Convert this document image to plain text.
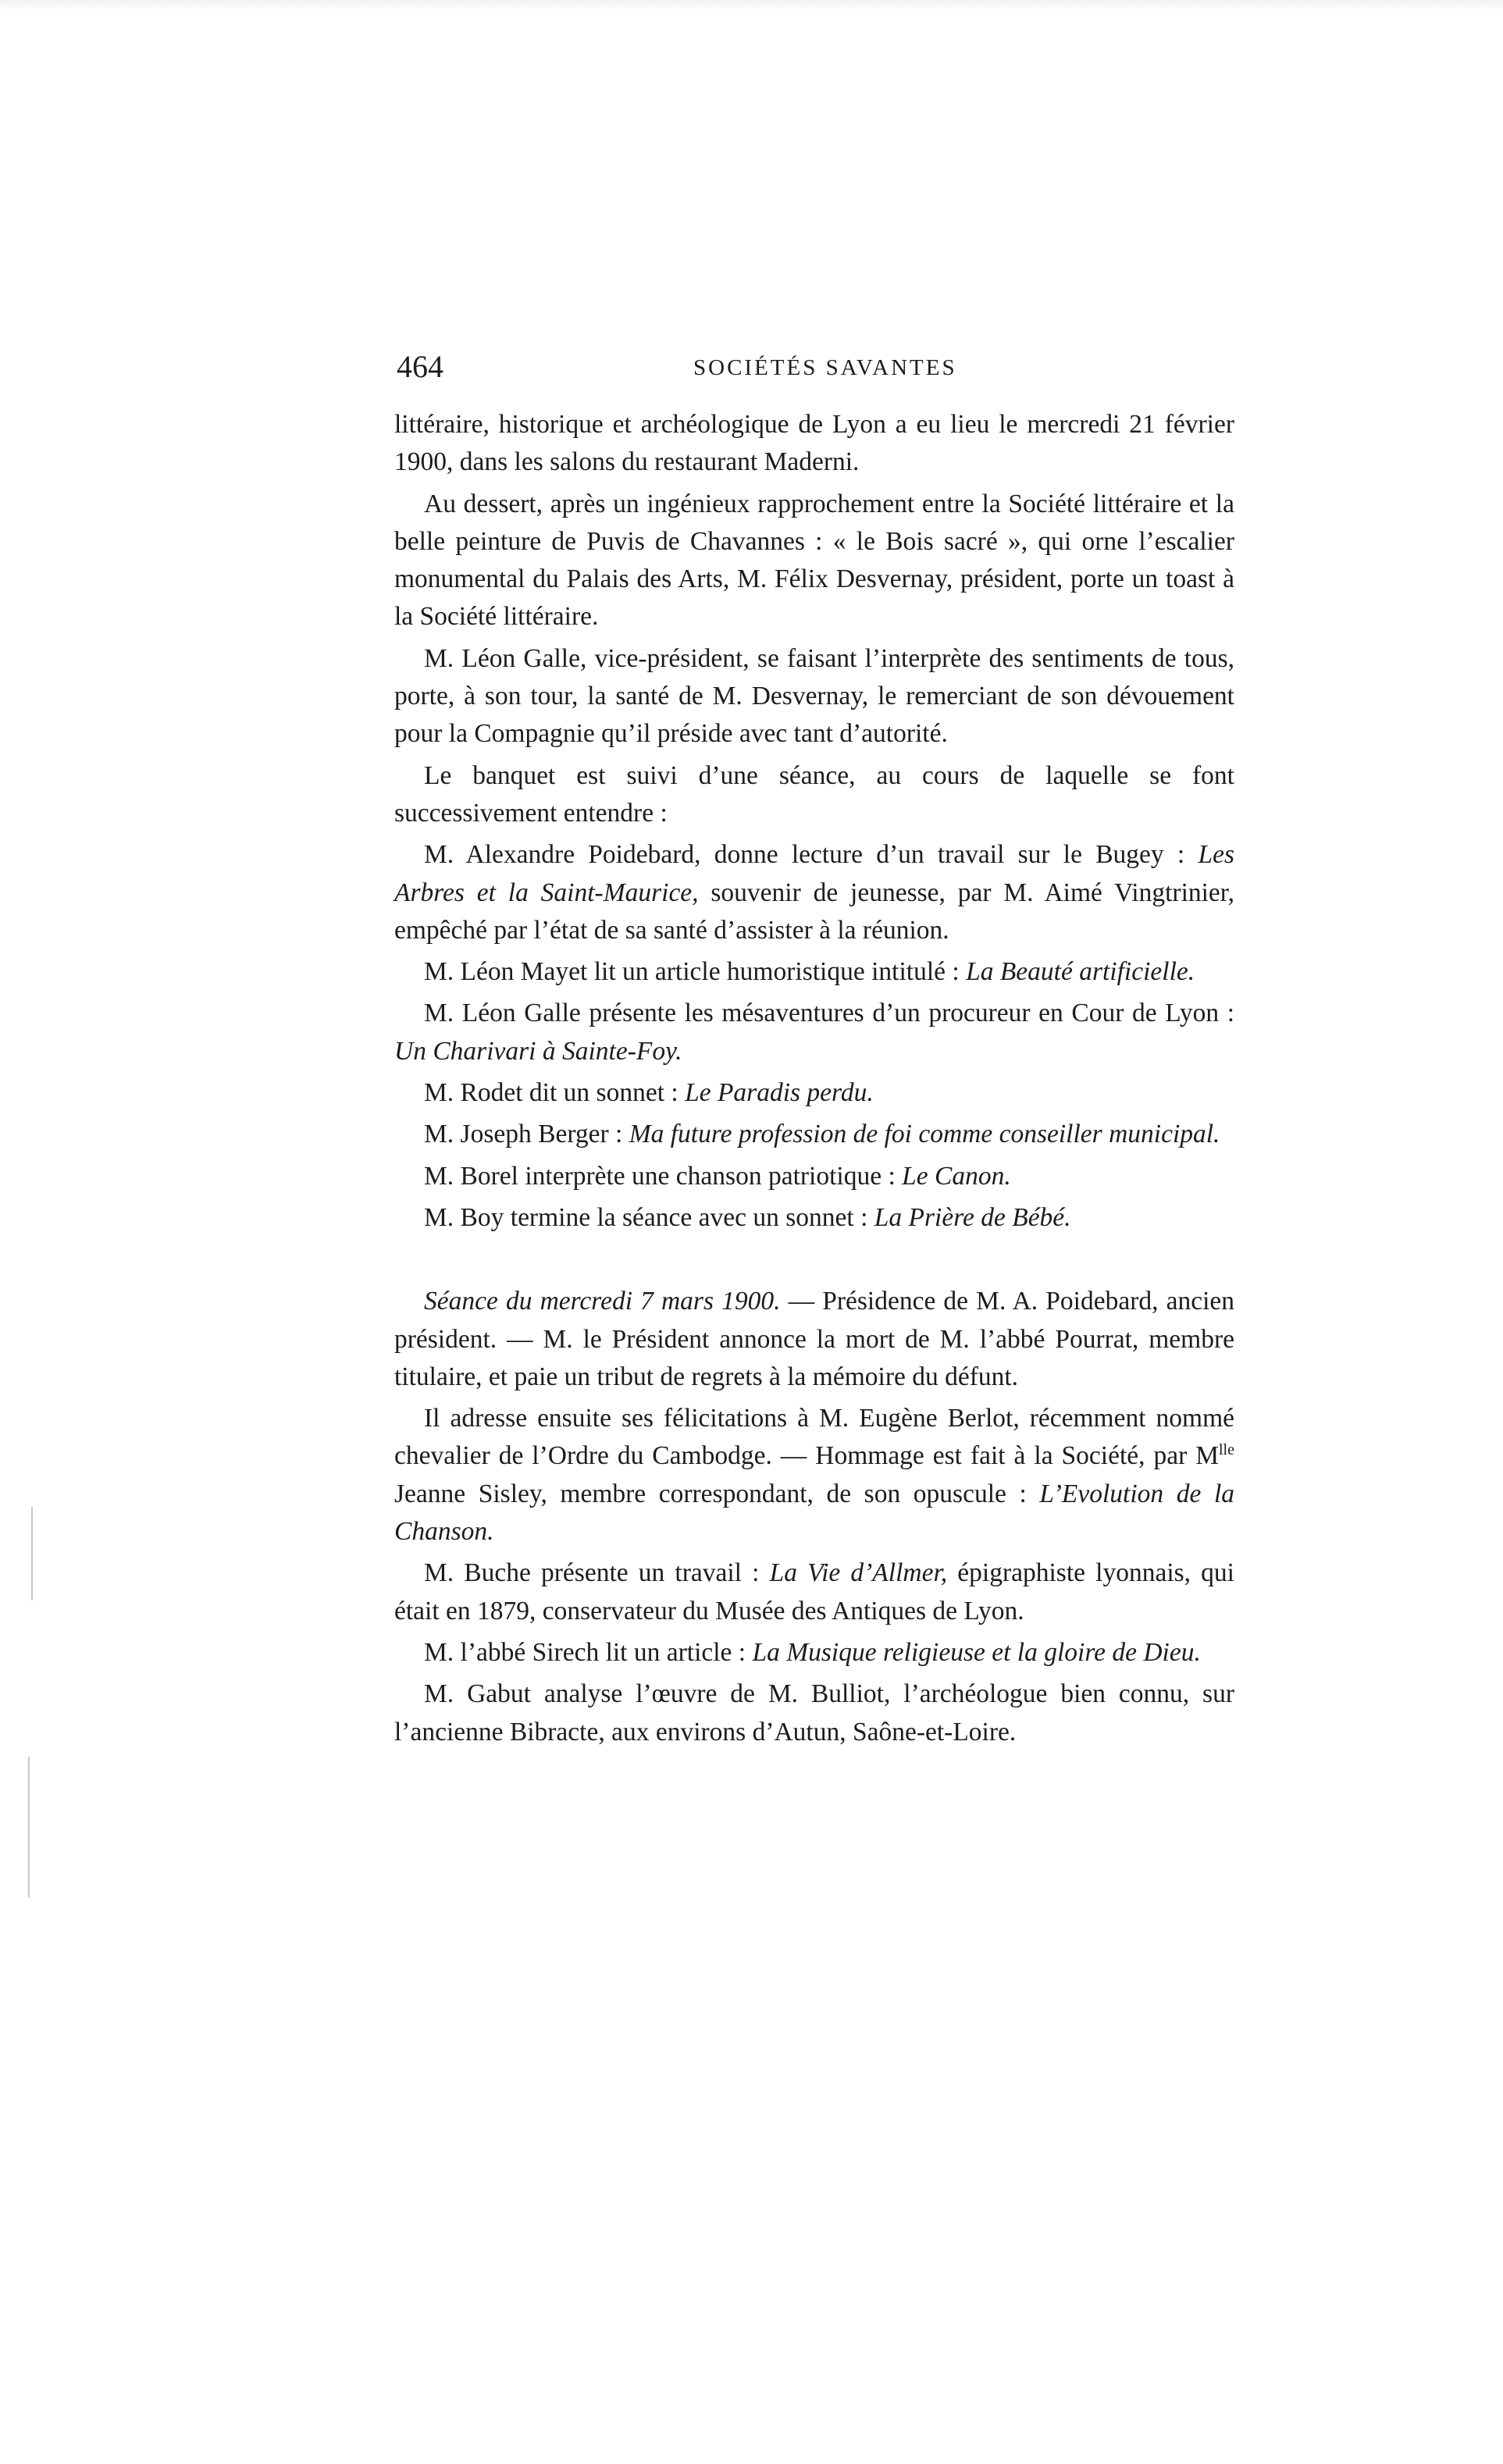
464	SOCIÉTÉS SAVANTES

littéraire, historique et archéologique de Lyon a eu lieu le mercredi 21 février 1900, dans les salons du restaurant Maderni.

Au dessert, après un ingénieux rapprochement entre la Société littéraire et la belle peinture de Puvis de Chavannes : « le Bois sacré », qui orne l’escalier monumental du Palais des Arts, M. Félix Desvernay, président, porte un toast à la Société littéraire.

M. Léon Galle, vice-président, se faisant l’interprète des sentiments de tous, porte, à son tour, la santé de M. Desvernay, le remerciant de son dévouement pour la Compagnie qu’il préside avec tant d’autorité.

Le banquet est suivi d’une séance, au cours de laquelle se font successivement entendre :

M. Alexandre Poidebard, donne lecture d’un travail sur le Bugey : Les Arbres et la Saint-Maurice, souvenir de jeunesse, par M. Aimé Vingtrinier, empêché par l’état de sa santé d’assister à la réunion.

M. Léon Mayet lit un article humoristique intitulé : La Beauté artificielle.

M. Léon Galle présente les mésaventures d’un procureur en Cour de Lyon : Un Charivari à Sainte-Foy.

M. Rodet dit un sonnet : Le Paradis perdu.

M. Joseph Berger : Ma future profession de foi comme conseiller municipal.

M. Borel interprète une chanson patriotique : Le Canon.

M. Boy termine la séance avec un sonnet : La Prière de Bébé.

Séance du mercredi 7 mars 1900. — Présidence de M. A. Poidebard, ancien président. — M. le Président annonce la mort de M. l’abbé Pourrat, membre titulaire, et paie un tribut de regrets à la mémoire du défunt.

Il adresse ensuite ses félicitations à M. Eugène Berlot, récemment nommé chevalier de l’Ordre du Cambodge. — Hommage est fait à la Société, par $M^{lle}$ Jeanne Sisley, membre correspondant, de son opuscule : L’Evolution de la Chanson.

M. Buche présente un travail : La Vie d’Allmer, épigraphiste lyonnais, qui était en 1879, conservateur du Musée des Antiques de Lyon.

M. l’abbé Sirech lit un article : La Musique religieuse et la gloire de Dieu.

M. Gabut analyse l’œuvre de M. Bulliot, l’archéologue bien connu, sur l’ancienne Bibracte, aux environs d’Autun, Saône-et-Loire.
